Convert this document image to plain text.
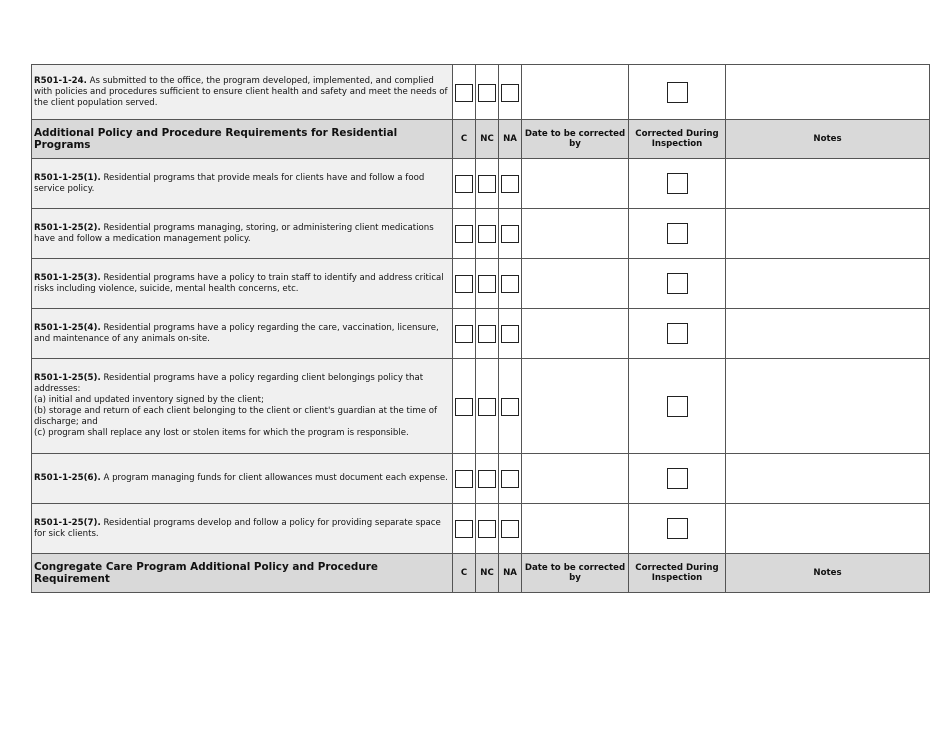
R501-1-24. As submitted to the office, the program developed, implemented, and complied with policies and procedures sufficient to ensure client health and safety and meet the needs of the client population served.						
Additional Policy and Procedure Requirements for Residential Programs	C	NC	NA	Date to be corrected by	Corrected During Inspection	Notes
R501-1-25(1). Residential programs that provide meals for clients have and follow a food service policy.						
R501-1-25(2). Residential programs managing, storing, or administering client medications have and follow a medication management policy.						
R501-1-25(3). Residential programs have a policy to train staff to identify and address critical risks including violence, suicide, mental health concerns, etc.						
R501-1-25(4). Residential programs have a policy regarding the care, vaccination, licensure, and maintenance of any animals on-site.						
R501-1-25(5). Residential programs have a policy regarding client belongings policy that addresses:
(a) initial and updated inventory signed by the client;
(b) storage and return of each client belonging to the client or client's guardian at the time of discharge; and
(c) program shall replace any lost or stolen items for which the program is responsible.						
R501-1-25(6). A program managing funds for client allowances must document each expense.						
R501-1-25(7). Residential programs develop and follow a policy for providing separate space for sick clients.						
Congregate Care Program Additional Policy and Procedure Requirement	C	NC	NA	Date to be corrected by	Corrected During Inspection	Notes
